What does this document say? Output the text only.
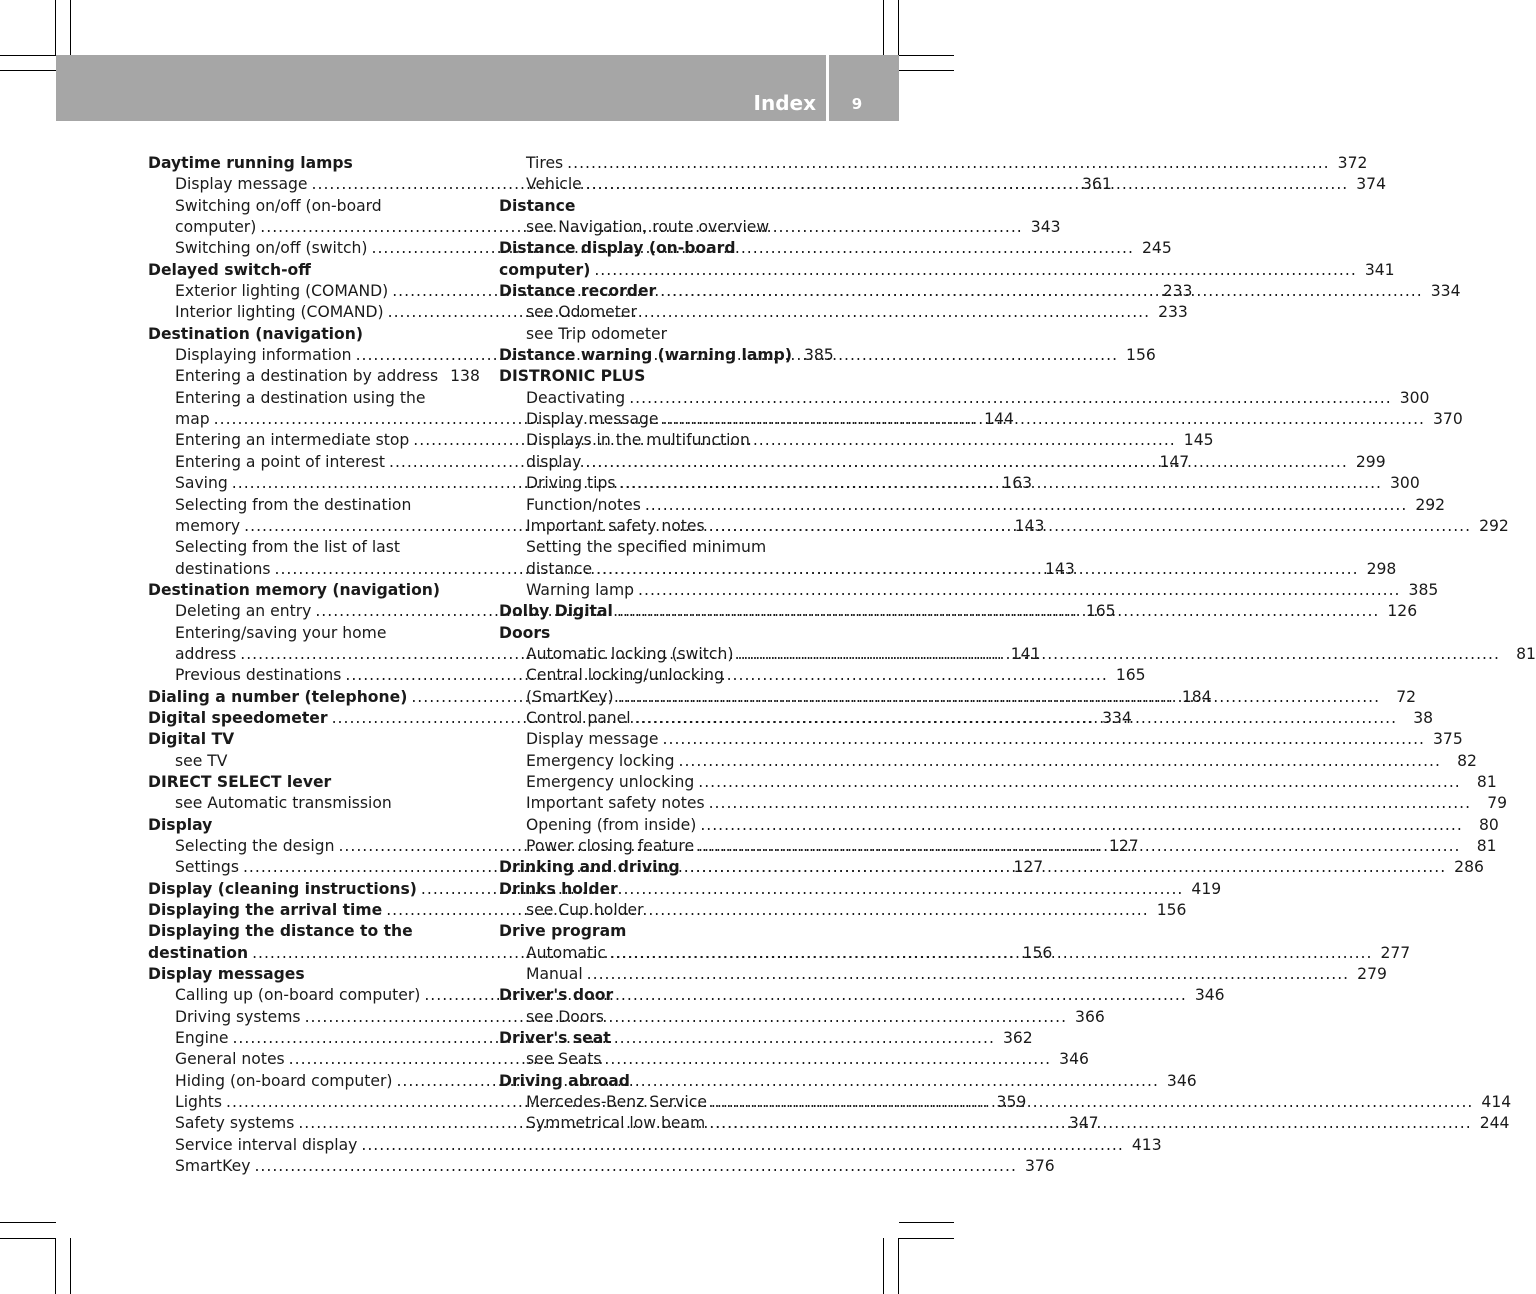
Index	9
Daytime running lamps
Display message .....	361
Switching on/off (on-board
computer) .....	343
Switching on/off (switch) .....	245
Delayed switch-off
Exterior lighting (COMAND) .....	233
Interior lighting (COMAND) .....	233
Destination (navigation)
Displaying information .....	156
Entering a destination by address 138
Entering a destination using the
map .....	144
Entering an intermediate stop .....	145
Entering a point of interest .....	147
Saving .....	163
Selecting from the destination
memory .....	143
Selecting from the list of last
destinations .....	143
Destination memory (navigation)
Deleting an entry .....	165
Entering/saving your home
address .....	141
Previous destinations .....	165
Dialing a number (telephone) .....	184
Digital speedometer .....	334
Digital TV
see TV
DIRECT SELECT lever
see Automatic transmission
Display
Selecting the design .....	127
Settings .....	127
Display (cleaning instructions) .....	419
Displaying the arrival time .....	156
Displaying the distance to the
destination .....	156
Display messages
Calling up (on-board computer) .....	346
Driving systems .....	366
Engine .....	362
General notes .....	346
Hiding (on-board computer) .....	346
Lights .....	359
Safety systems .....	347
Service interval display .....	413
SmartKey .....	376
Tires .....	372
Vehicle .....	374
Distance
see Navigation, route overview
Distance display (on-board
computer) .....	341
Distance recorder .....	334
see Odometer
see Trip odometer
Distance warning (warning lamp) 385
DISTRONIC PLUS
Deactivating .....	300
Display message .....	370
Displays in the multifunction
display .....	299
Driving tips .....	300
Function/notes .....	292
Important safety notes .....	292
Setting the specified minimum
distance .....	298
Warning lamp .....	385
Dolby Digital .....	126
Doors
Automatic locking (switch) .....	81
Central locking/unlocking
(SmartKey) .....	72
Control panel .....	38
Display message .....	375
Emergency locking .....	82
Emergency unlocking .....	81
Important safety notes .....	79
Opening (from inside) .....	80
Power closing feature .....	81
Drinking and driving .....	286
Drinks holder
see Cup holder
Drive program
Automatic .....	277
Manual .....	279
Driver's door
see Doors
Driver's seat
see Seats
Driving abroad
Mercedes-Benz Service .....	414
Symmetrical low beam .....	244
